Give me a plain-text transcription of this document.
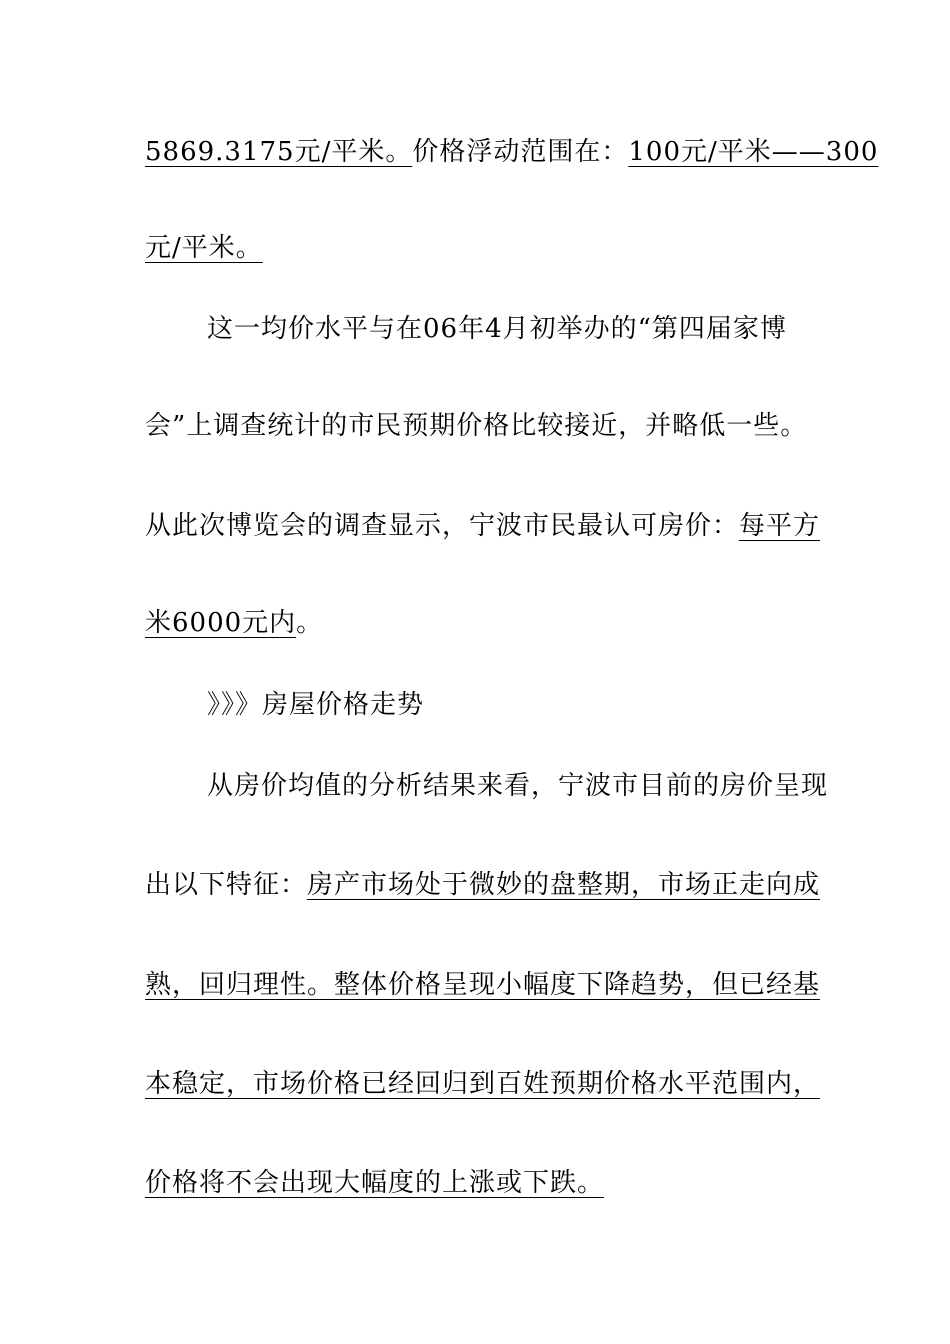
5869.3175元/平米。价格浮动范围在：100元/平米——300
元/平米。
这一均价水平与在06年4月初举办的“第四届家博
会”上调查统计的市民预期价格比较接近，并略低一些。
从此次博览会的调查显示，宁波市民最认可房价：每平方
米6000元内。
》》》房屋价格走势
从房价均值的分析结果来看，宁波市目前的房价呈现
出以下特征：房产市场处于微妙的盘整期，市场正走向成
熟，回归理性。整体价格呈现小幅度下降趋势，但已经基
本稳定，市场价格已经回归到百姓预期价格水平范围内，
价格将不会出现大幅度的上涨或下跌。
